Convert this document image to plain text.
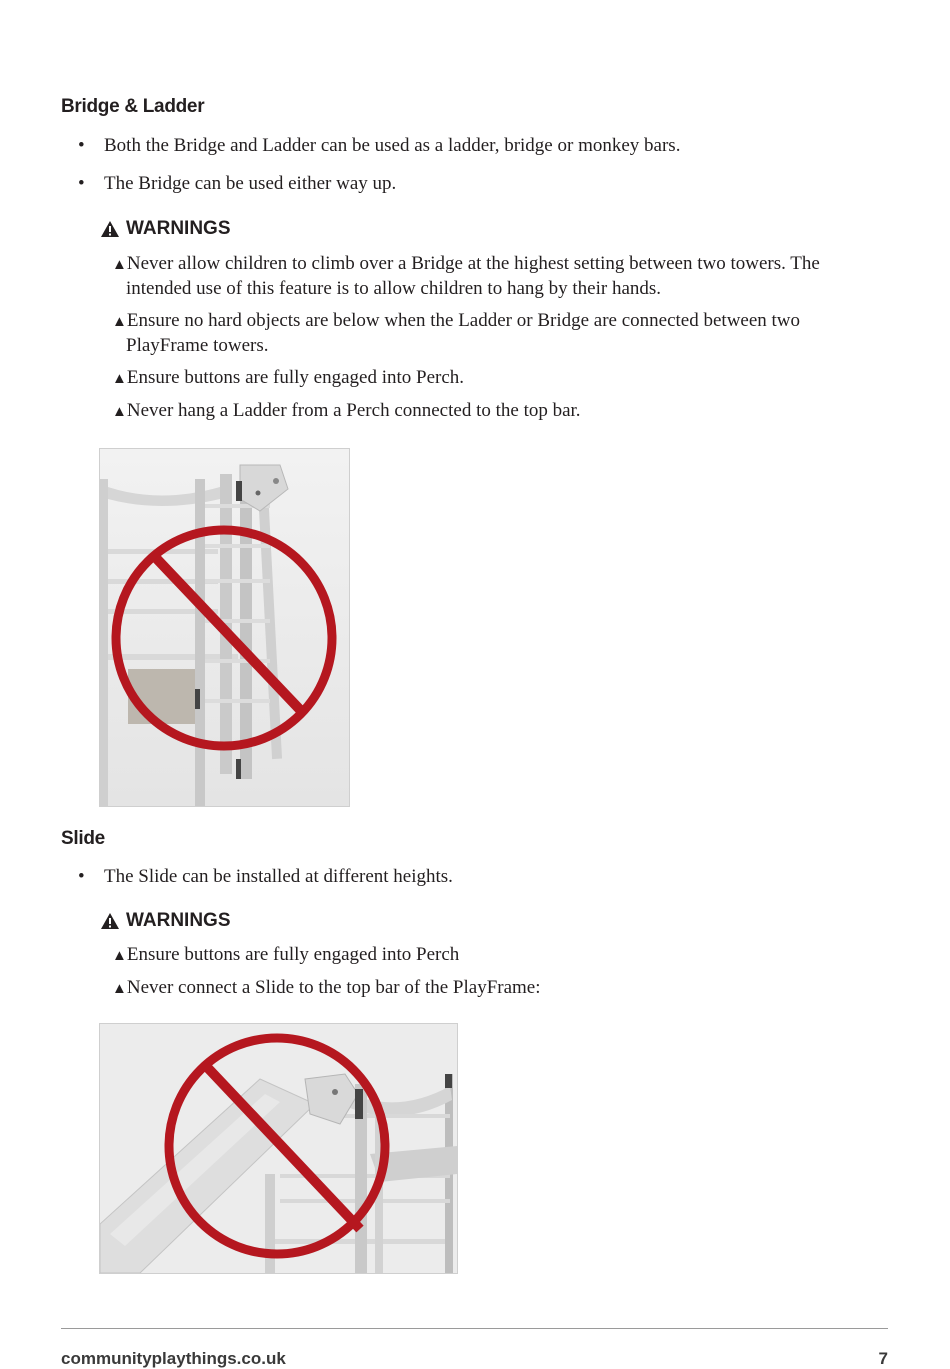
Bridge & Ladder
• Both the Bridge and Ladder can be used as a ladder, bridge or monkey bars.
• The Bridge can be used either way up.
WARNINGS
▲Never allow children to climb over a Bridge at the highest setting between two towers. The intended use of this feature is to allow children to hang by their hands.
▲Ensure no hard objects are below when the Ladder or Bridge are connected between two PlayFrame towers.
▲Ensure buttons are fully engaged into Perch.
▲Never hang a Ladder from a Perch connected to the top bar.
Slide
• The Slide can be installed at different heights.
WARNINGS
▲Ensure buttons are fully engaged into Perch
▲Never connect a Slide to the top bar of the PlayFrame:
communityplaythings.co.uk	7
